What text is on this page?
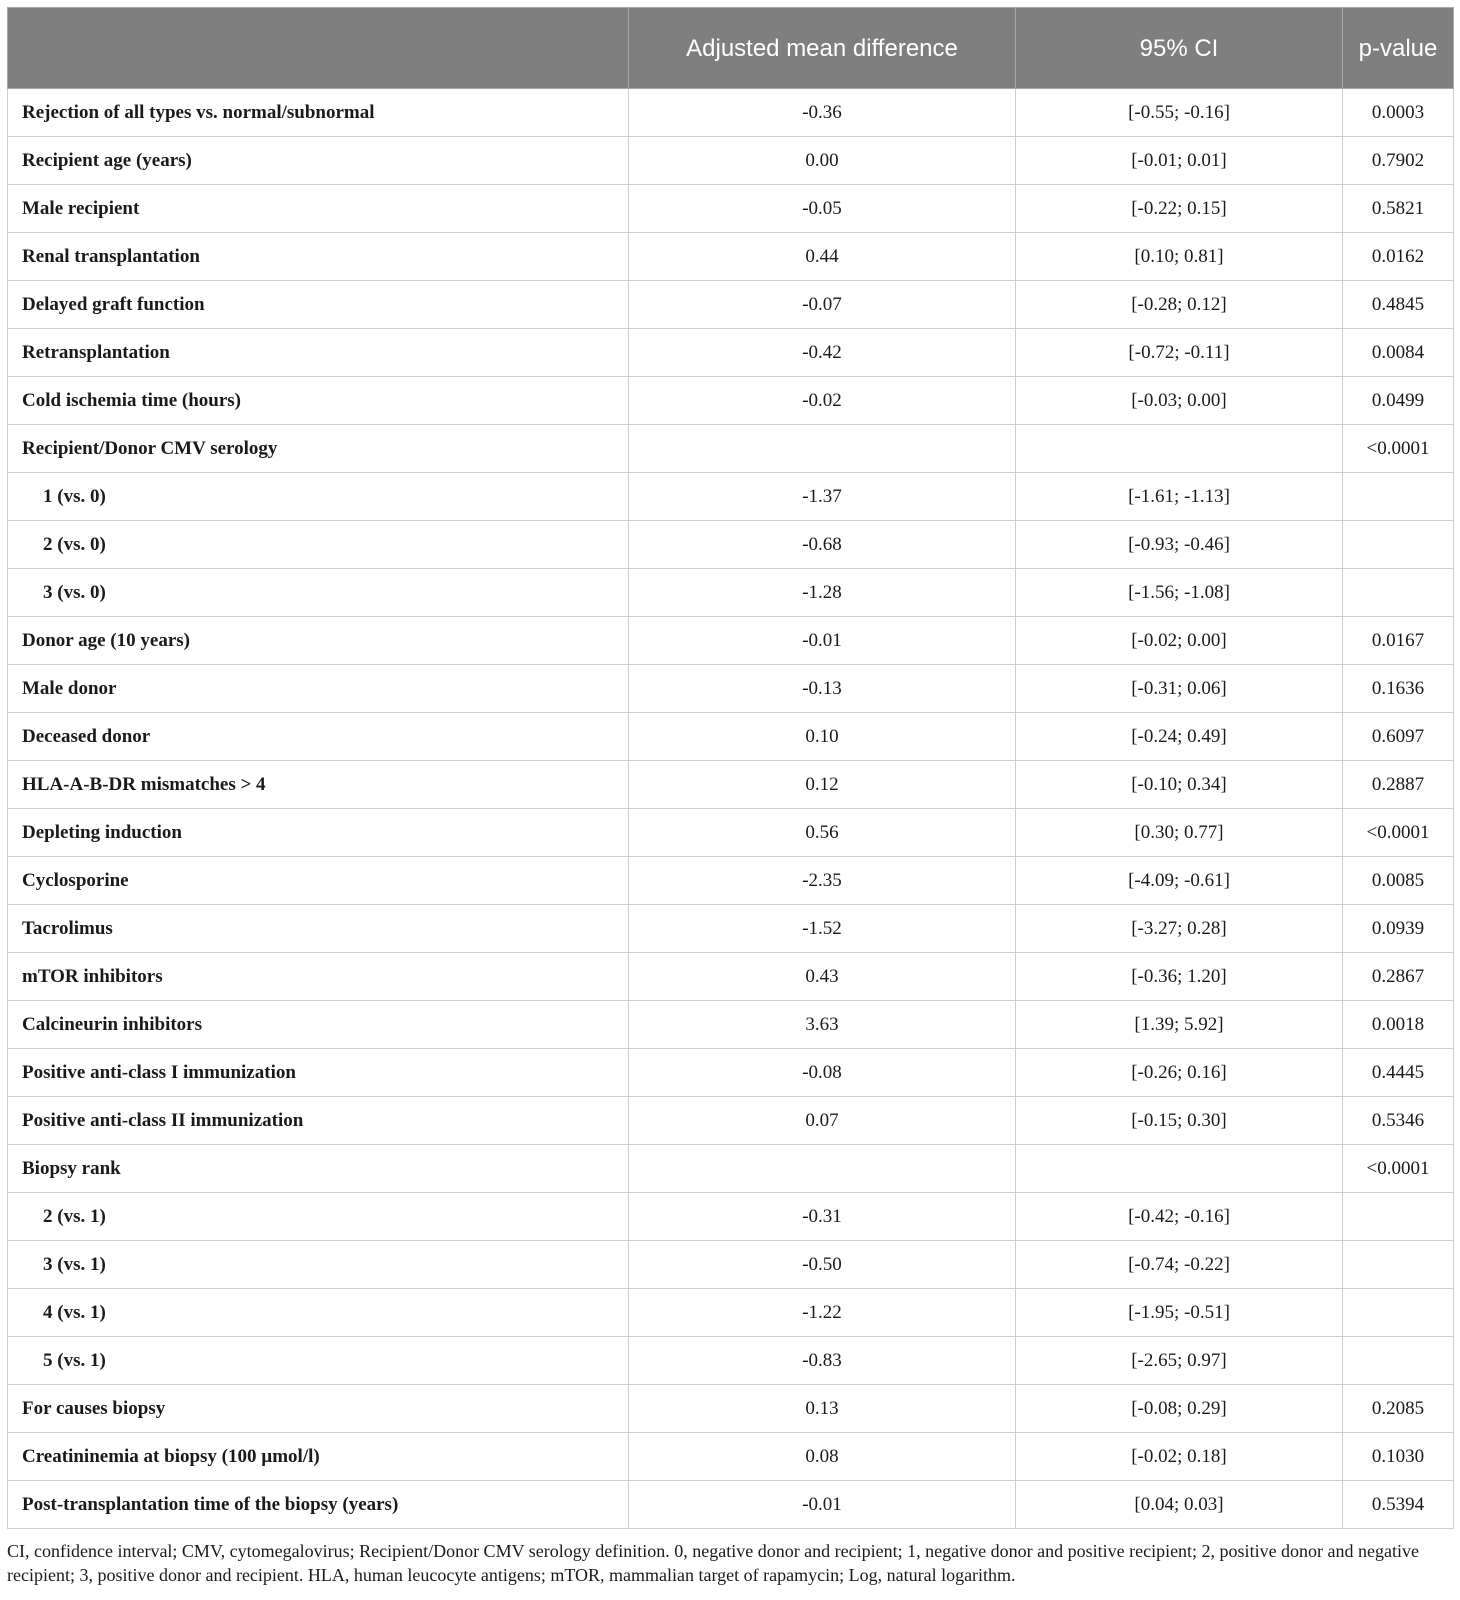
	Adjusted mean difference	95% CI	p-value
Rejection of all types vs. normal/subnormal	-0.36	[-0.55; -0.16]	0.0003
Recipient age (years)	0.00	[-0.01; 0.01]	0.7902
Male recipient	-0.05	[-0.22; 0.15]	0.5821
Renal transplantation	0.44	[0.10; 0.81]	0.0162
Delayed graft function	-0.07	[-0.28; 0.12]	0.4845
Retransplantation	-0.42	[-0.72; -0.11]	0.0084
Cold ischemia time (hours)	-0.02	[-0.03; 0.00]	0.0499
Recipient/Donor CMV serology			<0.0001
1 (vs. 0)	-1.37	[-1.61; -1.13]	
2 (vs. 0)	-0.68	[-0.93; -0.46]	
3 (vs. 0)	-1.28	[-1.56; -1.08]	
Donor age (10 years)	-0.01	[-0.02; 0.00]	0.0167
Male donor	-0.13	[-0.31; 0.06]	0.1636
Deceased donor	0.10	[-0.24; 0.49]	0.6097
HLA-A-B-DR mismatches > 4	0.12	[-0.10; 0.34]	0.2887
Depleting induction	0.56	[0.30; 0.77]	<0.0001
Cyclosporine	-2.35	[-4.09; -0.61]	0.0085
Tacrolimus	-1.52	[-3.27; 0.28]	0.0939
mTOR inhibitors	0.43	[-0.36; 1.20]	0.2867
Calcineurin inhibitors	3.63	[1.39; 5.92]	0.0018
Positive anti-class I immunization	-0.08	[-0.26; 0.16]	0.4445
Positive anti-class II immunization	0.07	[-0.15; 0.30]	0.5346
Biopsy rank			<0.0001
2 (vs. 1)	-0.31	[-0.42; -0.16]	
3 (vs. 1)	-0.50	[-0.74; -0.22]	
4 (vs. 1)	-1.22	[-1.95; -0.51]	
5 (vs. 1)	-0.83	[-2.65; 0.97]	
For causes biopsy	0.13	[-0.08; 0.29]	0.2085
Creatininemia at biopsy (100 µmol/l)	0.08	[-0.02; 0.18]	0.1030
Post-transplantation time of the biopsy (years)	-0.01	[0.04; 0.03]	0.5394
CI, confidence interval; CMV, cytomegalovirus; Recipient/Donor CMV serology definition. 0, negative donor and recipient; 1, negative donor and positive recipient; 2, positive donor and negative recipient; 3, positive donor and recipient. HLA, human leucocyte antigens; mTOR, mammalian target of rapamycin; Log, natural logarithm.
